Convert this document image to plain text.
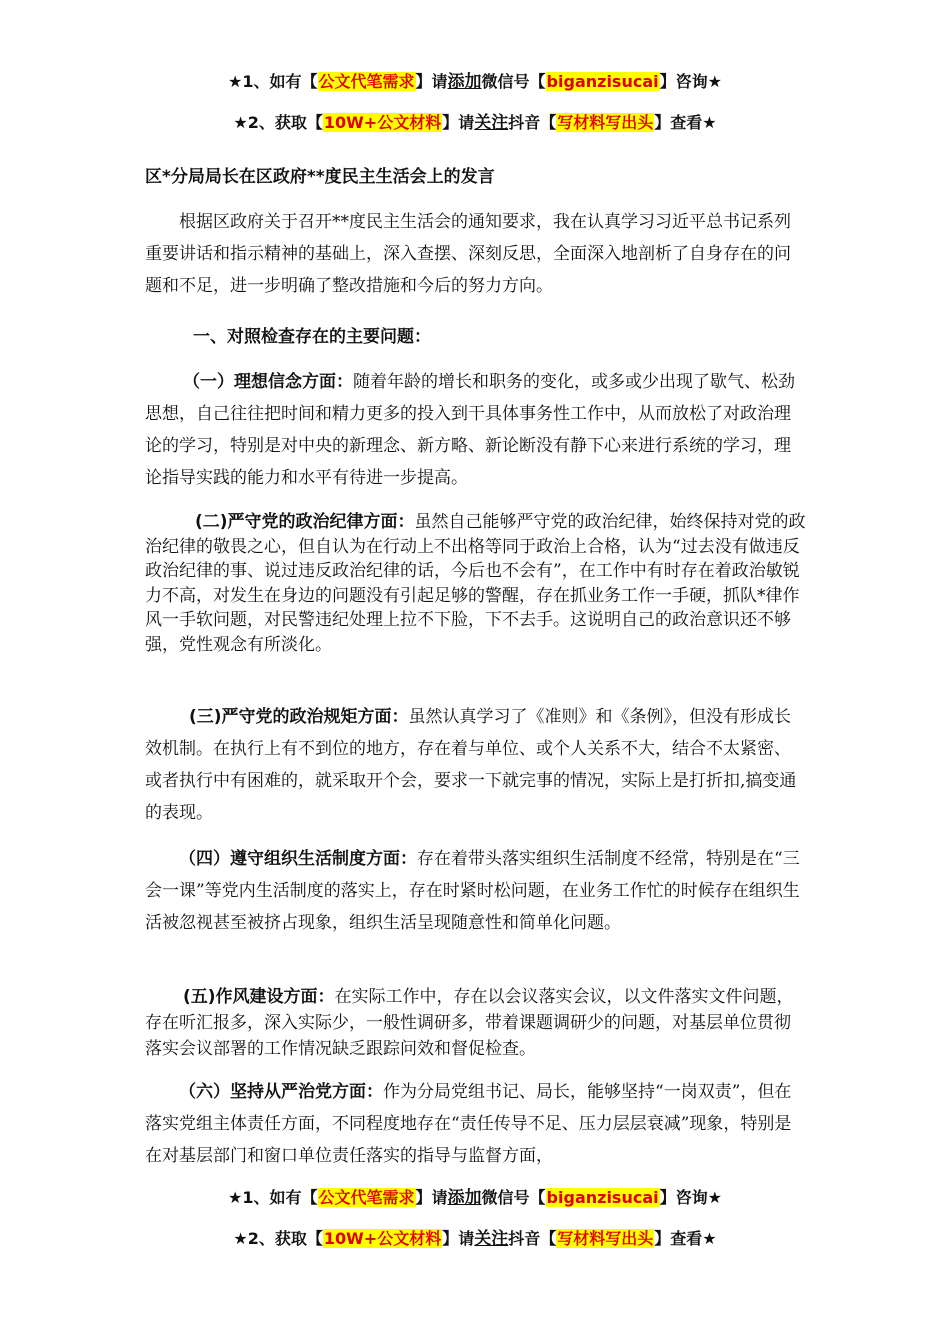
★1、如有【公文代笔需求】请添加微信号【biganzisucai】咨询★
★2、获取【10W+公文材料】请关注抖音【写材料写出头】查看★
区*分局局长在区政府**度民主生活会上的发言
根据区政府关于召开**度民主生活会的通知要求，我在认真学习习近平总书记系列重要讲话和指示精神的基础上，深入查摆、深刻反思，全面深入地剖析了自身存在的问题和不足，进一步明确了整改措施和今后的努力方向。
一、对照检查存在的主要问题：
（一）理想信念方面：随着年龄的增长和职务的变化，或多或少出现了歇气、松劲思想，自己往往把时间和精力更多的投入到干具体事务性工作中，从而放松了对政治理论的学习，特别是对中央的新理念、新方略、新论断没有静下心来进行系统的学习，理论指导实践的能力和水平有待进一步提高。
(二)严守党的政治纪律方面：虽然自己能够严守党的政治纪律，始终保持对党的政治纪律的敬畏之心，但自认为在行动上不出格等同于政治上合格，认为“过去没有做违反政治纪律的事、说过违反政治纪律的话，今后也不会有”，在工作中有时存在着政治敏锐力不高，对发生在身边的问题没有引起足够的警醒，存在抓业务工作一手硬，抓队*律作风一手软问题，对民警违纪处理上拉不下脸，下不去手。这说明自己的政治意识还不够强，党性观念有所淡化。
(三)严守党的政治规矩方面：虽然认真学习了《准则》和《条例》，但没有形成长效机制。在执行上有不到位的地方，存在着与单位、或个人关系不大，结合不太紧密、或者执行中有困难的，就采取开个会，要求一下就完事的情况，实际上是打折扣,搞变通的表现。
（四）遵守组织生活制度方面：存在着带头落实组织生活制度不经常，特别是在“三会一课”等党内生活制度的落实上，存在时紧时松问题，在业务工作忙的时候存在组织生活被忽视甚至被挤占现象，组织生活呈现随意性和简单化问题。
(五)作风建设方面：在实际工作中，存在以会议落实会议，以文件落实文件问题，存在听汇报多，深入实际少，一般性调研多，带着课题调研少的问题，对基层单位贯彻落实会议部署的工作情况缺乏跟踪问效和督促检查。
（六）坚持从严治党方面：作为分局党组书记、局长，能够坚持“一岗双责”，但在落实党组主体责任方面，不同程度地存在“责任传导不足、压力层层衰减”现象，特别是在对基层部门和窗口单位责任落实的指导与监督方面，
★1、如有【公文代笔需求】请添加微信号【biganzisucai】咨询★
★2、获取【10W+公文材料】请关注抖音【写材料写出头】查看★
